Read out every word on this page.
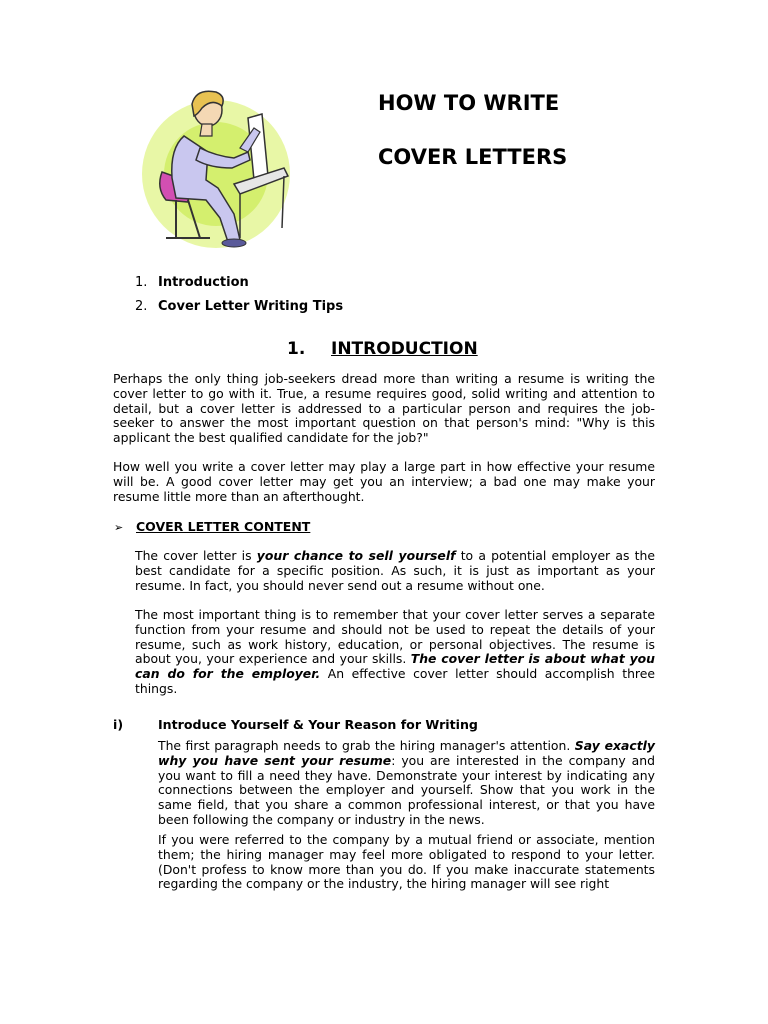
HOW TO WRITE
COVER LETTERS
1. Introduction
2. Cover Letter Writing Tips
1. INTRODUCTION
Perhaps the only thing job-seekers dread more than writing a resume is writing the cover letter to go with it. True, a resume requires good, solid writing and attention to detail, but a cover letter is addressed to a particular person and requires the job-seeker to answer the most important question on that person's mind: "Why is this applicant the best qualified candidate for the job?"
How well you write a cover letter may play a large part in how effective your resume will be. A good cover letter may get you an interview; a bad one may make your resume little more than an afterthought.
➢ COVER LETTER CONTENT
The cover letter is your chance to sell yourself to a potential employer as the best candidate for a specific position. As such, it is just as important as your resume. In fact, you should never send out a resume without one.
The most important thing is to remember that your cover letter serves a separate function from your resume and should not be used to repeat the details of your resume, such as work history, education, or personal objectives. The resume is about you, your experience and your skills. The cover letter is about what you can do for the employer. An effective cover letter should accomplish three things.
i)	Introduce Yourself & Your Reason for Writing
The first paragraph needs to grab the hiring manager's attention. Say exactly why you have sent your resume: you are interested in the company and you want to fill a need they have. Demonstrate your interest by indicating any connections between the employer and yourself. Show that you work in the same field, that you share a common professional interest, or that you have been following the company or industry in the news.
If you were referred to the company by a mutual friend or associate, mention them; the hiring manager may feel more obligated to respond to your letter. (Don't profess to know more than you do. If you make inaccurate statements regarding the company or the industry, the hiring manager will see right
